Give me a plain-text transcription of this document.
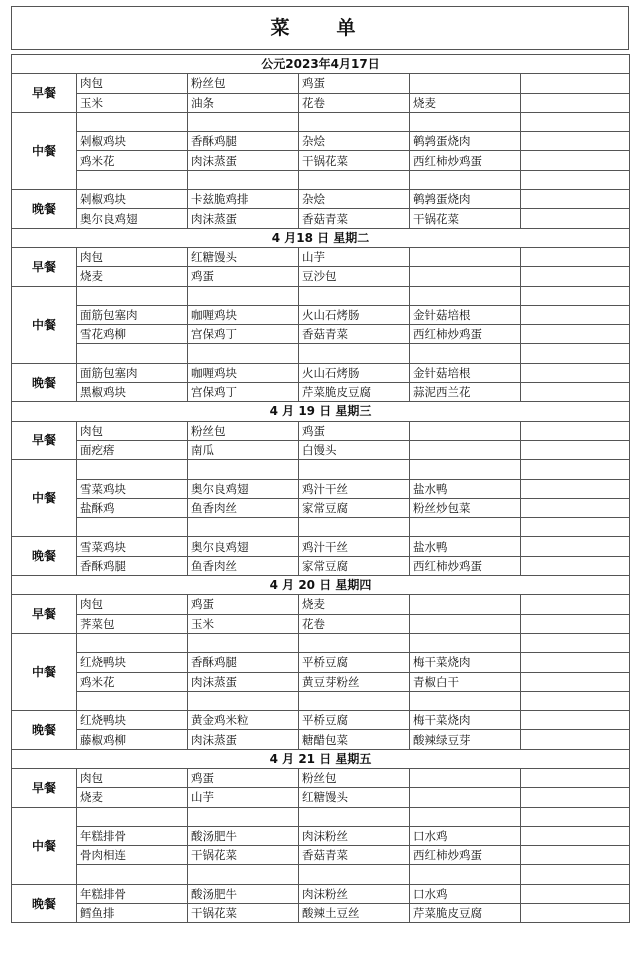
菜　单
公元2023年4月17日					
早餐	肉包	粉丝包	鸡蛋		
	玉米	油条	花卷	烧麦	
中餐					
	剁椒鸡块	香酥鸡腿	杂烩	鹌鹑蛋烧肉	
	鸡米花	肉沫蒸蛋	干锅花菜	西红柿炒鸡蛋	

晚餐	剁椒鸡块	卡兹脆鸡排	杂烩	鹌鹑蛋烧肉	
	奥尔良鸡翅	肉沫蒸蛋	香菇青菜	干锅花菜	
4 月18 日 星期二					
早餐	肉包	红糖馒头	山芋		
	烧麦	鸡蛋	豆沙包		
中餐					
	面筋包塞肉	咖喱鸡块	火山石烤肠	金针菇培根	
	雪花鸡柳	宫保鸡丁	香菇青菜	西红柿炒鸡蛋	

晚餐	面筋包塞肉	咖喱鸡块	火山石烤肠	金针菇培根	
	黑椒鸡块	宫保鸡丁	芹菜脆皮豆腐	蒜泥西兰花	
4 月 19 日 星期三					
早餐	肉包	粉丝包	鸡蛋		
	面疙瘩	南瓜	白馒头		
中餐					
	雪菜鸡块	奥尔良鸡翅	鸡汁干丝	盐水鸭	
	盐酥鸡	鱼香肉丝	家常豆腐	粉丝炒包菜	

晚餐	雪菜鸡块	奥尔良鸡翅	鸡汁干丝	盐水鸭	
	香酥鸡腿	鱼香肉丝	家常豆腐	西红柿炒鸡蛋	
4 月 20 日 星期四					
早餐	肉包	鸡蛋	烧麦		
	荠菜包	玉米	花卷		
中餐					
	红烧鸭块	香酥鸡腿	平桥豆腐	梅干菜烧肉	
	鸡米花	肉沫蒸蛋	黄豆芽粉丝	青椒白干	

晚餐	红烧鸭块	黄金鸡米粒	平桥豆腐	梅干菜烧肉	
	藤椒鸡柳	肉沫蒸蛋	糖醋包菜	酸辣绿豆芽	
4 月 21 日 星期五					
早餐	肉包	鸡蛋	粉丝包		
	烧麦	山芋	红糖馒头		
中餐					
	年糕排骨	酸汤肥牛	肉沫粉丝	口水鸡	
	骨肉相连	干锅花菜	香菇青菜	西红柿炒鸡蛋	

晚餐	年糕排骨	酸汤肥牛	肉沫粉丝	口水鸡	
	鳕鱼排	干锅花菜	酸辣土豆丝	芹菜脆皮豆腐	
